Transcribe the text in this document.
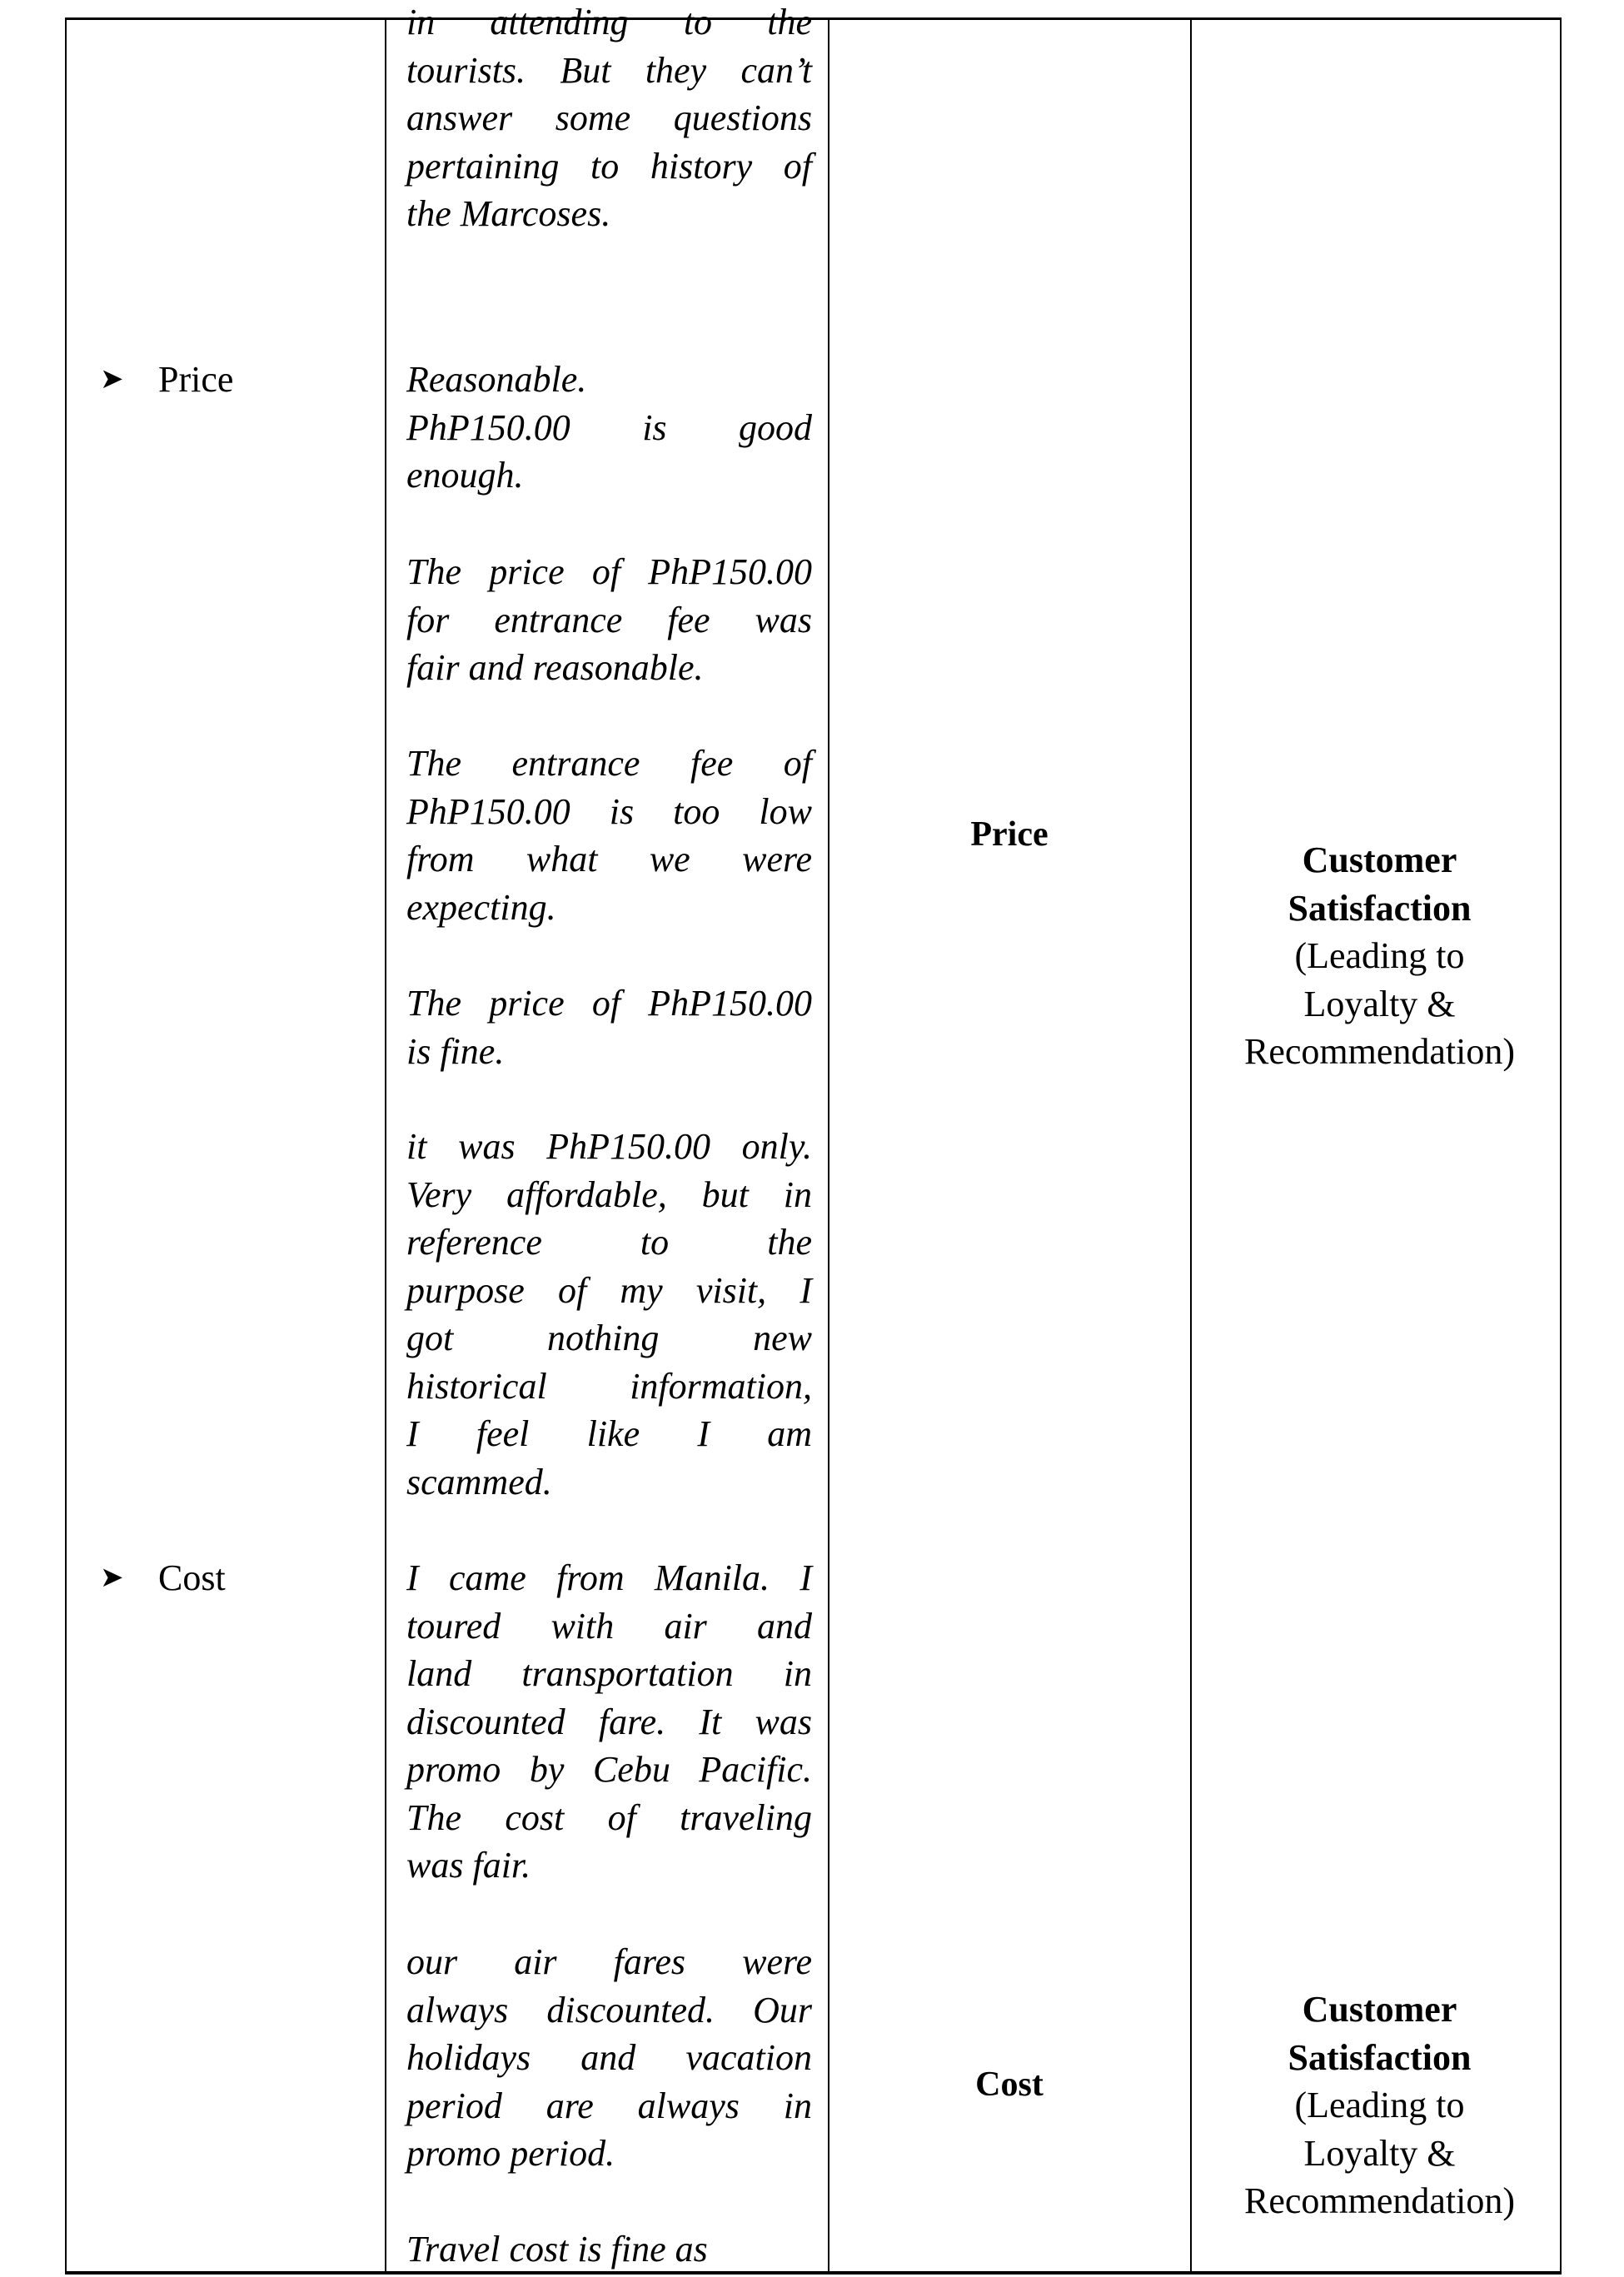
➤ Price
➤ Cost
in attending to the
tourists. But they can’t
answer some questions
pertaining to history of
the Marcoses.
Reasonable.
PhP150.00 is good
enough.
The price of PhP150.00
for entrance fee was
fair and reasonable.
The entrance fee of
PhP150.00 is too low
from what we were
expecting.
The price of PhP150.00
is fine.
it was PhP150.00 only.
Very affordable, but in
reference to the
purpose of my visit, I
got nothing new
historical information,
I feel like I am
scammed.
I came from Manila. I
toured with air and
land transportation in
discounted fare. It was
promo by Cebu Pacific.
The cost of traveling
was fair.
our air fares were
always discounted. Our
holidays and vacation
period are always in
promo period.
Travel cost is fine as
Price
Cost
Customer
Satisfaction
(Leading to
Loyalty &
Recommendation)
Customer
Satisfaction
(Leading to
Loyalty &
Recommendation)
